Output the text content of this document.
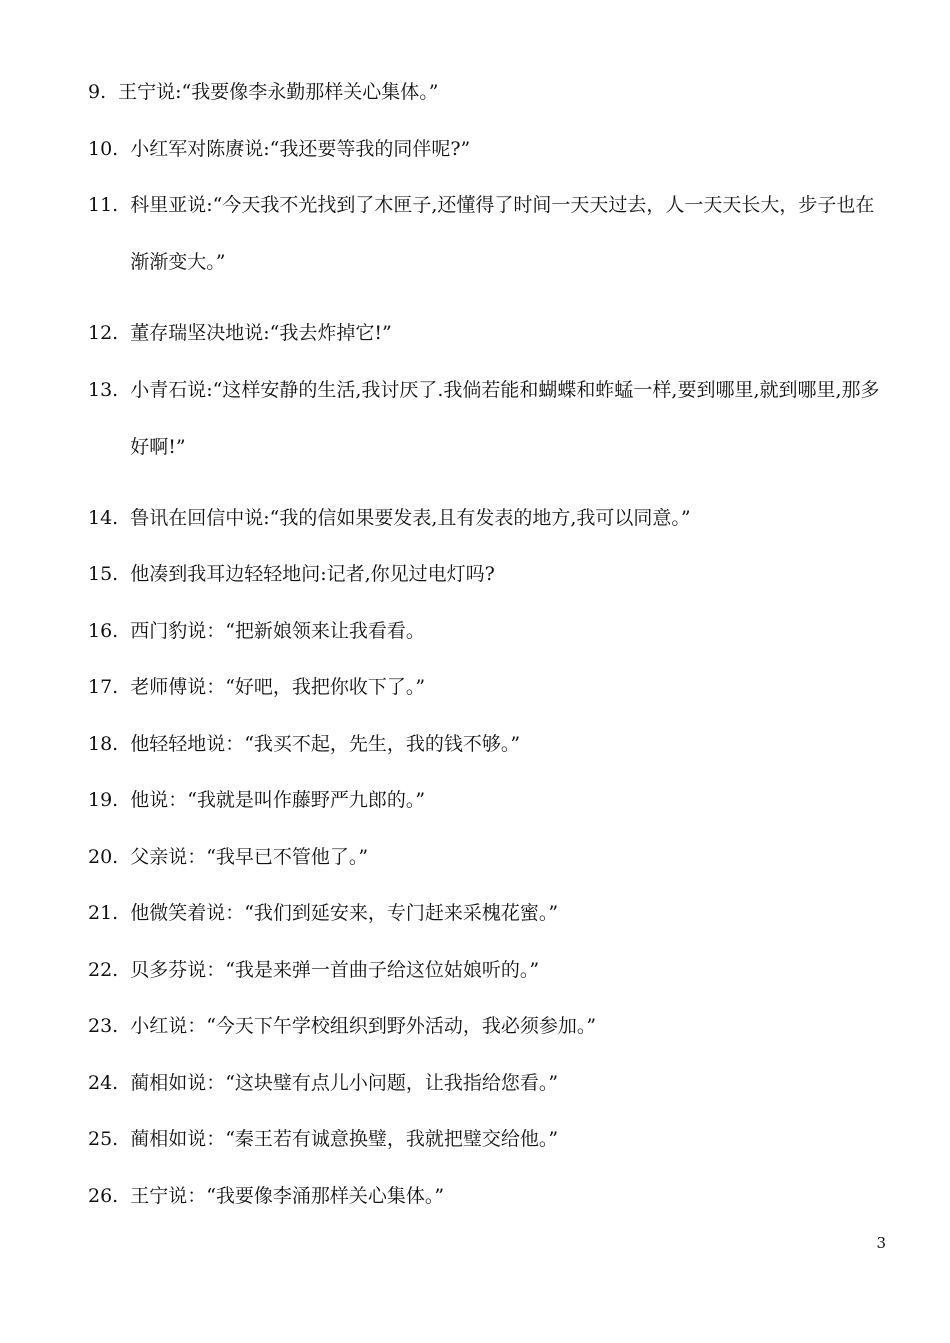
9. 王宁说:“我要像李永勤那样关心集体。”

10. 小红军对陈赓说:“我还要等我的同伴呢?”

11. 科里亚说:“今天我不光找到了木匣子,还懂得了时间一天天过去，人一天天长大，步子也在渐渐变大。”

12. 董存瑞坚决地说:“我去炸掉它!”

13. 小青石说:“这样安静的生活,我讨厌了.我倘若能和蝴蝶和蚱蜢一样,要到哪里,就到哪里,那多好啊!”

14. 鲁讯在回信中说:“我的信如果要发表,且有发表的地方,我可以同意。”

15. 他凑到我耳边轻轻地问:记者,你见过电灯吗?

16. 西门豹说：“把新娘领来让我看看。

17. 老师傅说：“好吧，我把你收下了。”

18. 他轻轻地说：“我买不起，先生，我的钱不够。”

19. 他说：“我就是叫作藤野严九郎的。”

20. 父亲说：“我早已不管他了。”

21. 他微笑着说：“我们到延安来，专门赶来采槐花蜜。”

22. 贝多芬说：“我是来弹一首曲子给这位姑娘听的。”

23. 小红说：“今天下午学校组织到野外活动，我必须参加。”

24. 蔺相如说：“这块璧有点儿小问题，让我指给您看。”

25. 蔺相如说：“秦王若有诚意换璧，我就把璧交给他。”

26. 王宁说：“我要像李涌那样关心集体。”

3
